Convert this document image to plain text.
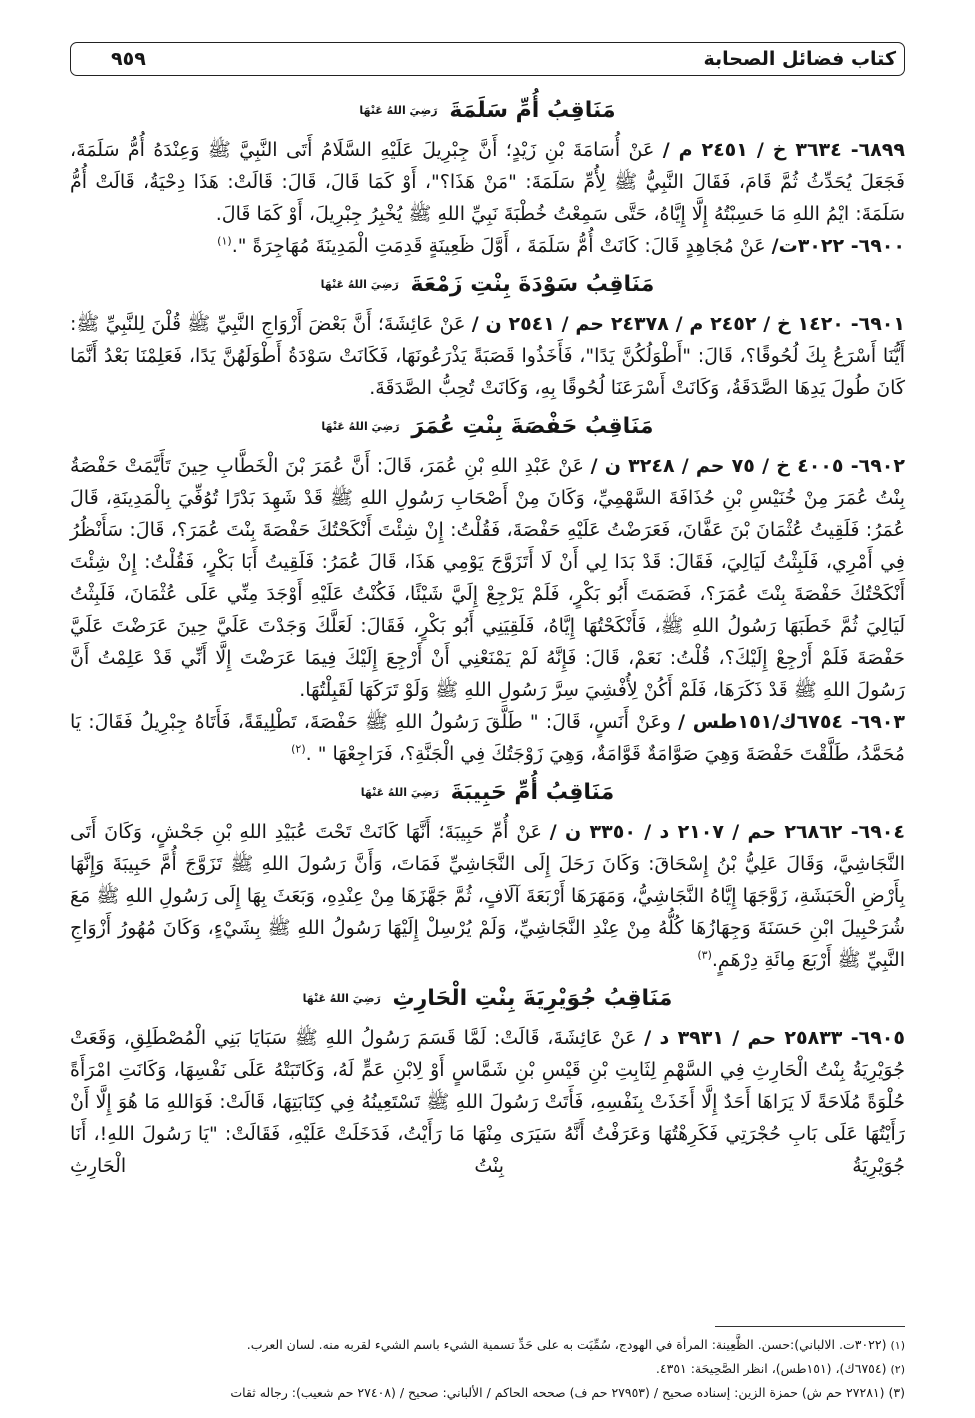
كتاب فضائل الصحابة
٩٥٩
مَنَاقِبُ أُمِّ سَلَمَةَ رَضِيَ اللهُ عَنْهَا

٦٨٩٩- ٣٦٣٤ خ / ٢٤٥١ م / عَنْ أُسَامَةَ بْنِ زَيْدٍ؛ أَنَّ جِبْرِيلَ عَلَيْهِ السَّلَامُ أَتَى النَّبِيَّ ﷺ وَعِنْدَهُ أُمُّ سَلَمَةَ، فَجَعَلَ يُحَدِّثُ ثُمَّ قَامَ، فَقَالَ النَّبِيُّ ﷺ لِأُمِّ سَلَمَةَ: "مَنْ هَذَا؟"، أَوْ كَمَا قَالَ، قَالَ: قَالَتْ: هَذَا دِحْيَةُ، قَالَتْ أُمُّ سَلَمَةَ: ايْمُ اللهِ مَا حَسِبْتُهُ إِلَّا إِيَّاهُ، حَتَّى سَمِعْتُ خُطْبَةَ نَبِيِّ اللهِ ﷺ يُخْبِرُ جِبْرِيلَ، أَوْ كَمَا قَالَ.

٦٩٠٠- ٣٠٢٢ت/ عَنْ مُجَاهِدٍ قَالَ: كَانَتْ أُمُّ سَلَمَةَ ، أَوَّلَ ظَعِينَةٍ قَدِمَتِ الْمَدِينَةَ مُهَاجِرَةً ".$^{(١)}$

مَنَاقِبُ سَوْدَةَ بِنْتِ زَمْعَةَ رَضِيَ اللهُ عَنْهَا

٦٩٠١- ١٤٢٠ خ / ٢٤٥٢ م / ٢٤٣٧٨ حم / ٢٥٤١ ن / عَنْ عَائِشَةَ؛ أَنَّ بَعْضَ أَزْوَاجِ النَّبِيِّ ﷺ قُلْنَ لِلنَّبِيِّ ﷺ: أَيُّنَا أَسْرَعُ بِكَ لُحُوقًا؟، قَالَ: "أَطْوَلُكُنَّ يَدًا"، فَأَخَذُوا قَصَبَةً يَذْرَعُونَهَا، فَكَانَتْ سَوْدَةُ أَطْوَلَهُنَّ يَدًا، فَعَلِمْنَا بَعْدُ أَنَّمَا كَانَ طُولَ يَدِهَا الصَّدَقَةُ، وَكَانَتْ أَسْرَعَنَا لُحُوقًا بِهِ، وَكَانَتْ تُحِبُّ الصَّدَقَةَ.

مَنَاقِبُ حَفْصَةَ بِنْتِ عُمَرَ رَضِيَ اللهُ عَنْهَا

٦٩٠٢- ٤٠٠٥ خ / ٧٥ حم / ٣٢٤٨ ن / عَنْ عَبْدِ اللهِ بْنِ عُمَرَ، قَالَ: أَنَّ عُمَرَ بْنَ الْخَطَّابِ حِينَ تَأَيَّمَتْ حَفْصَةُ بِنْتُ عُمَرَ مِنْ خُنَيْسِ بْنِ حُذَافَةَ السَّهْمِيِّ، وَكَانَ مِنْ أَصْحَابِ رَسُولِ اللهِ ﷺ قَدْ شَهِدَ بَدْرًا تُوُفِّيَ بِالْمَدِينَةِ، قَالَ عُمَرُ: فَلَقِيتُ عُثْمَانَ بْنَ عَفَّانَ، فَعَرَضْتُ عَلَيْهِ حَفْصَةَ، فَقُلْتُ: إِنْ شِئْتَ أَنْكَحْتُكَ حَفْصَةَ بِنْتَ عُمَرَ؟، قَالَ: سَأَنْظُرُ فِي أَمْرِي، فَلَبِثْتُ لَيَالِيَ، فَقَالَ: قَدْ بَدَا لِي أَنْ لَا أَتَزَوَّجَ يَوْمِي هَذَا، قَالَ عُمَرُ: فَلَقِيتُ أَبَا بَكْرٍ، فَقُلْتُ: إِنْ شِئْتَ أَنْكَحْتُكَ حَفْصَةَ بِنْتَ عُمَرَ؟، فَصَمَتَ أَبُو بَكْرٍ، فَلَمْ يَرْجِعْ إِلَيَّ شَيْئًا، فَكُنْتُ عَلَيْهِ أَوْجَدَ مِنِّي عَلَى عُثْمَانَ، فَلَبِثْتُ لَيَالِيَ ثُمَّ خَطَبَهَا رَسُولُ اللهِ ﷺ، فَأَنْكَحْتُهَا إِيَّاهُ، فَلَقِيَنِي أَبُو بَكْرٍ، فَقَالَ: لَعَلَّكَ وَجَدْتَ عَلَيَّ حِينَ عَرَضْتَ عَلَيَّ حَفْصَةَ فَلَمْ أَرْجِعْ إِلَيْكَ؟، قُلْتُ: نَعَمْ، قَالَ: فَإِنَّهُ لَمْ يَمْنَعْنِي أَنْ أَرْجِعَ إِلَيْكَ فِيمَا عَرَضْتَ إِلَّا أَنِّي قَدْ عَلِمْتُ أَنَّ رَسُولَ اللهِ ﷺ قَدْ ذَكَرَهَا، فَلَمْ أَكُنْ لِأُفْشِيَ سِرَّ رَسُولِ اللهِ ﷺ وَلَوْ تَرَكَهَا لَقَبِلْتُهَا.

٦٩٠٣- ٦٧٥٤ك/١٥١طس / وعَنْ أَنَسٍ، قَالَ: " طَلَّقَ رَسُولُ اللهِ ﷺ حَفْصَةَ، تَطْلِيقَةً، فَأَتَاهُ جِبْرِيلُ فَقَالَ: يَا مُحَمَّدُ، طَلَّقْتَ حَفْصَةَ وَهِيَ صَوَّامَةٌ قَوَّامَةٌ، وَهِيَ زَوْجَتُكَ فِي الْجَنَّةِ؟، فَرَاجِعْهَا " .$^{(٢)}$

مَنَاقِبُ أُمِّ حَبِيبَةَ رَضِيَ اللهُ عَنْهَا

٦٩٠٤- ٢٦٨٦٢ حم / ٢١٠٧ د / ٣٣٥٠ ن / عَنْ أُمِّ حَبِيبَةَ؛ أَنَّهَا كَانَتْ تَحْتَ عُبَيْدِ اللهِ بْنِ جَحْشٍ، وَكَانَ أَتَى النَّجَاشِيَّ، وَقَالَ عَلِيُّ بْنُ إِسْحَاقَ: وَكَانَ رَحَلَ إِلَى النَّجَاشِيِّ فَمَاتَ، وَأَنَّ رَسُولَ اللهِ ﷺ تَزَوَّجَ أُمَّ حَبِيبَةَ وَإِنَّهَا بِأَرْضِ الْحَبَشَةِ، زَوَّجَهَا إِيَّاهُ النَّجَاشِيُّ، وَمَهَرَهَا أَرْبَعَةَ آلَافٍ، ثُمَّ جَهَّزَهَا مِنْ عِنْدِهِ، وَبَعَثَ بِهَا إِلَى رَسُولِ اللهِ ﷺ مَعَ شُرَحْبِيلَ ابْنِ حَسَنَةَ وَجِهَازُهَا كُلُّهُ مِنْ عِنْدِ النَّجَاشِيِّ، وَلَمْ يُرْسِلْ إِلَيْهَا رَسُولُ اللهِ ﷺ بِشَيْءٍ، وَكَانَ مُهُورُ أَزْوَاجِ النَّبِيِّ ﷺ أَرْبَعَ مِائَةِ دِرْهَمٍ.$^{(٣)}$

مَنَاقِبُ جُوَيْرِيَةَ بِنْتِ الْحَارِثِ رَضِيَ اللهُ عَنْهَا

٦٩٠٥- ٢٥٨٣٣ حم / ٣٩٣١ د / عَنْ عَائِشَةَ، قَالَتْ: لَمَّا قَسَمَ رَسُولُ اللهِ ﷺ سَبَايَا بَنِي الْمُصْطَلِقِ، وَقَعَتْ جُوَيْرِيَةُ بِنْتُ الْحَارِثِ فِي السَّهْمِ لِثَابِتِ بْنِ قَيْسِ بْنِ شَمَّاسٍ أَوْ لِابْنِ عَمٍّ لَهُ، وَكَاتَبَتْهُ عَلَى نَفْسِهَا، وَكَانَتِ امْرَأَةً حُلْوَةً مُلَاحَةً لَا يَرَاهَا أَحَدٌ إِلَّا أَخَذَتْ بِنَفْسِهِ، فَأَتَتْ رَسُولَ اللهِ ﷺ تَسْتَعِينُهُ فِي كِتَابَتِهَا، قَالَتْ: فَوَاللهِ مَا هُوَ إِلَّا أَنْ رَأَيْتُهَا عَلَى بَابِ حُجْرَتِي فَكَرِهْتُهَا وَعَرَفْتُ أَنَّهُ سَيَرَى مِنْهَا مَا رَأَيْتُ، فَدَخَلَتْ عَلَيْهِ، فَقَالَتْ: "يَا رَسُولَ اللهِ!، أَنَا جُوَيْرِيَةُ بِنْتُ الْحَارِثِ

(١) (٣٠٢٢ت. الالباني):حسن. الظَّعِينة: المرأة في الهودج، سُمِّيَت به على حَدِّ تسمية الشيء باسم الشيء لقربه منه. لسان العرب.

(٢) (٦٧٥٤ك)، (١٥١طس)، انظر الصَّحِيحَة: ٤٣٥١.

(٣) (٢٧٢٨١ حم ش) حمزة الزين: إسناده صحيح / (٢٧٩٥٣ حم ف) صححه الحاكم / الألباني: صحيح / (٢٧٤٠٨ حم شعيب): رجاله ثقات
